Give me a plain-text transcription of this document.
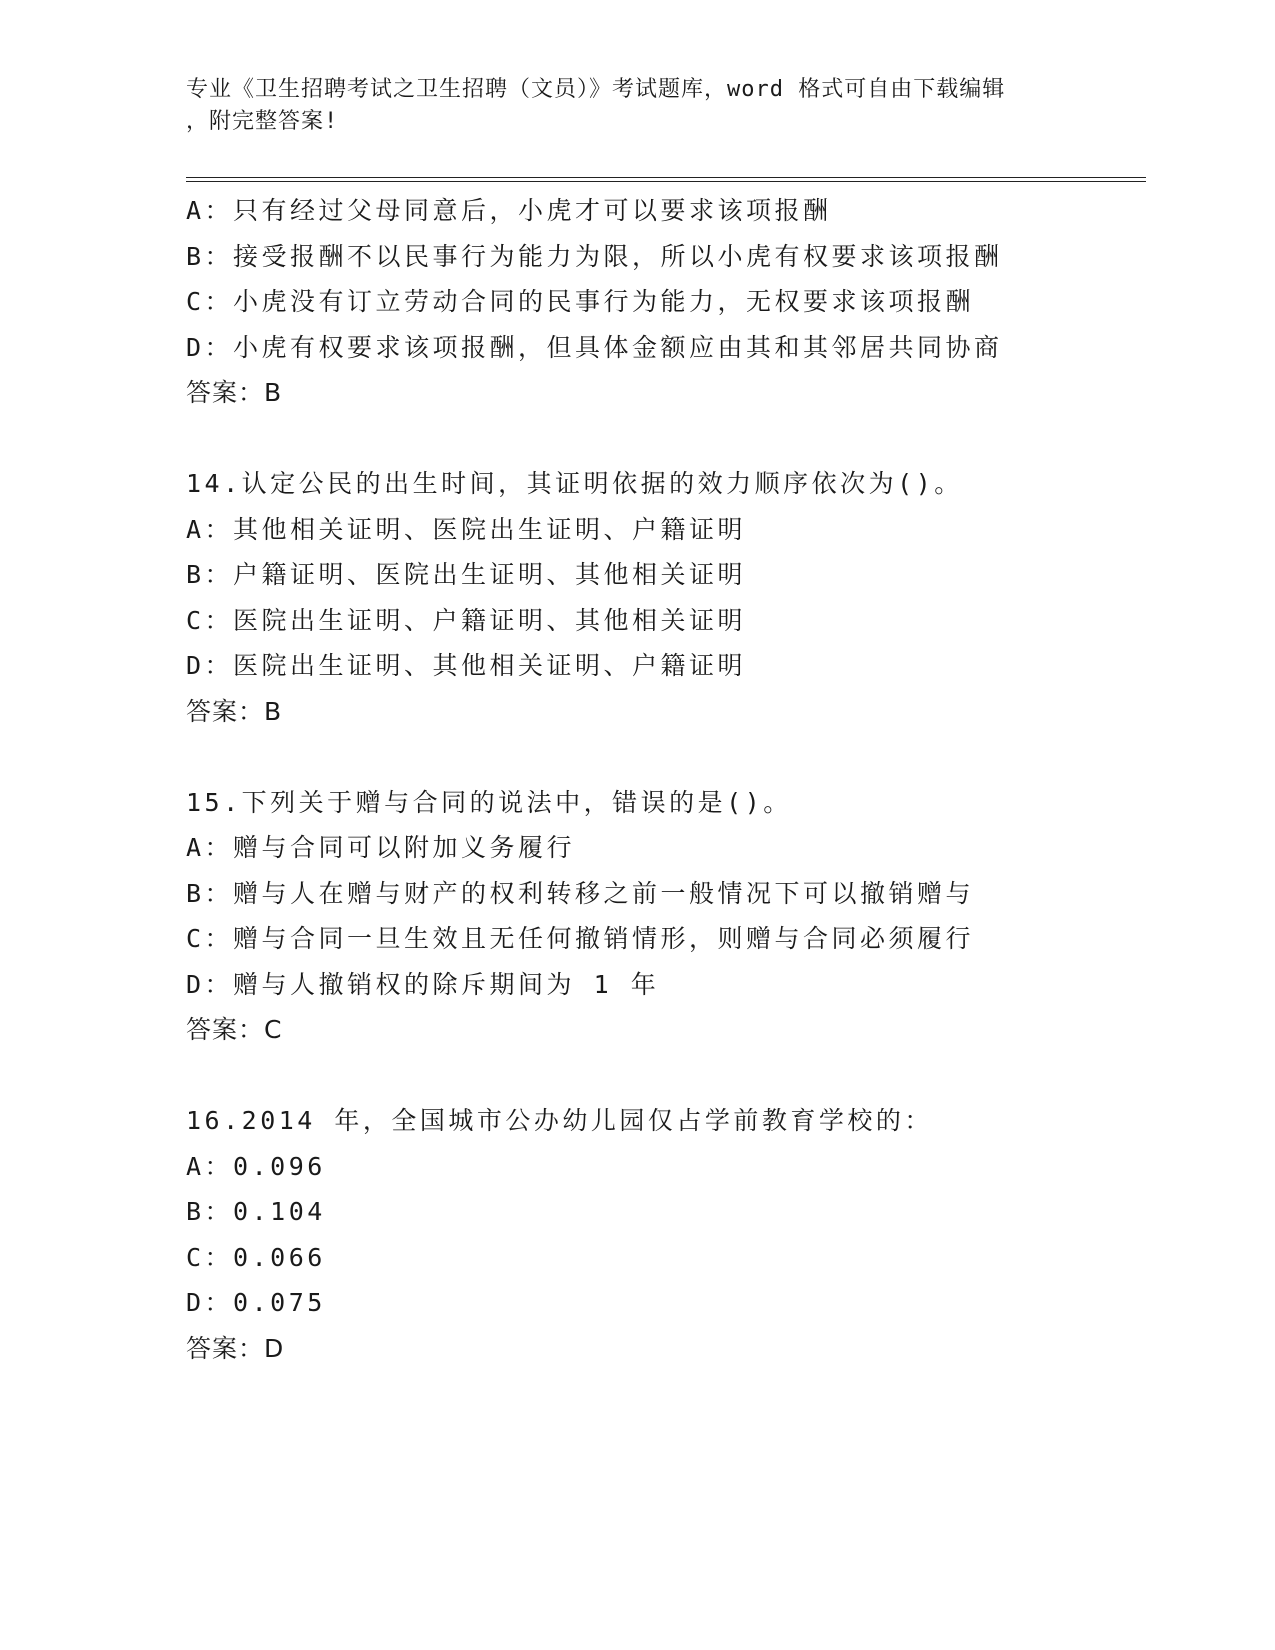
专业《卫生招聘考试之卫生招聘（文员）》考试题库，word 格式可自由下载编辑
，附完整答案!
A：只有经过父母同意后，小虎才可以要求该项报酬
B：接受报酬不以民事行为能力为限，所以小虎有权要求该项报酬
C：小虎没有订立劳动合同的民事行为能力，无权要求该项报酬
D：小虎有权要求该项报酬，但具体金额应由其和其邻居共同协商
答案：B
14.认定公民的出生时间，其证明依据的效力顺序依次为()。
A：其他相关证明、医院出生证明、户籍证明
B：户籍证明、医院出生证明、其他相关证明
C：医院出生证明、户籍证明、其他相关证明
D：医院出生证明、其他相关证明、户籍证明
答案：B
15.下列关于赠与合同的说法中，错误的是()。
A：赠与合同可以附加义务履行
B：赠与人在赠与财产的权利转移之前一般情况下可以撤销赠与
C：赠与合同一旦生效且无任何撤销情形，则赠与合同必须履行
D：赠与人撤销权的除斥期间为 1 年
答案：C
16.2014 年，全国城市公办幼儿园仅占学前教育学校的：
A：0.096
B：0.104
C：0.066
D：0.075
答案：D
